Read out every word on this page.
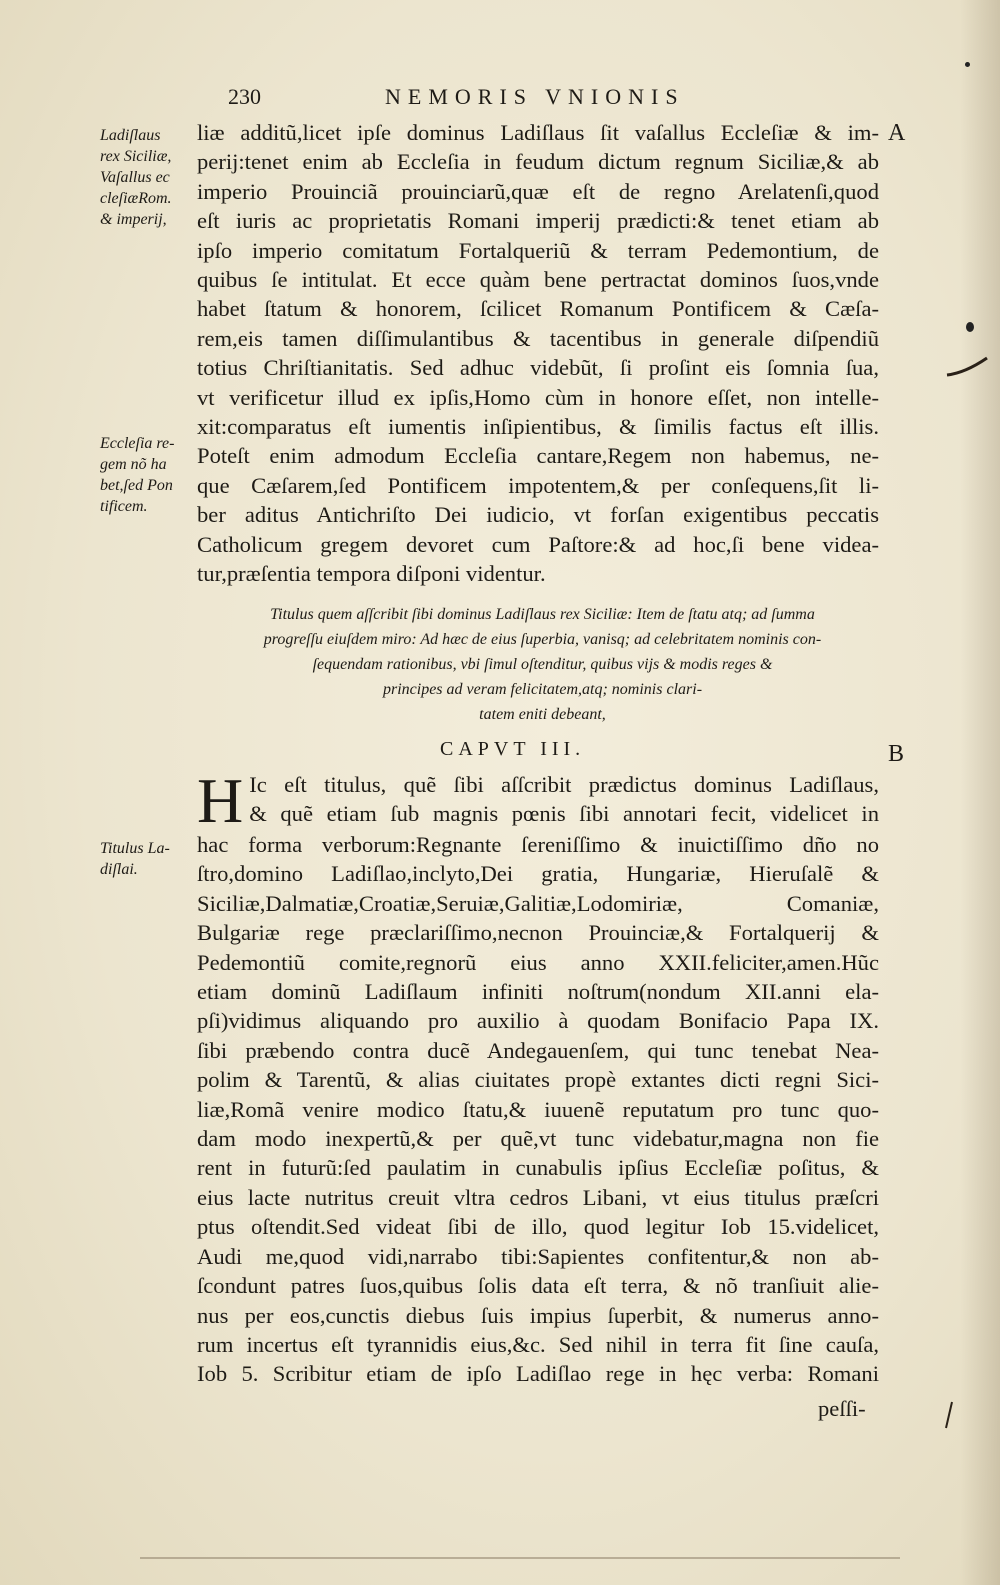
230	NEMORIS VNIONIS
Ladiſlaus
rex Siciliæ,
Vaſallus ec
cleſiæRom.
& imperij,
Eccleſia re-
gem nõ ha
bet,ſed Pon
tificem.
Titulus La-
diſlai.
A
B
liæ additũ,licet ipſe dominus Ladiſlaus ſit vaſallus Eccleſiæ & im-
perij:tenet enim ab Eccleſia in feudum dictum regnum Siciliæ,& ab
imperio Prouinciã prouinciarũ,quæ eſt de regno Arelatenſi,quod
eſt iuris ac proprietatis Romani imperij prædicti:& tenet etiam ab
ipſo imperio comitatum Fortalqueriũ & terram Pedemontium, de
quibus ſe intitulat. Et ecce quàm bene pertractat dominos ſuos,vnde
habet ſtatum & honorem, ſcilicet Romanum Pontificem & Cæſa-
rem,eis tamen diſſimulantibus & tacentibus in generale diſpendiũ
totius Chriſtianitatis. Sed adhuc videbũt, ſi proſint eis ſomnia ſua,
vt verificetur illud ex ipſis,Homo cùm in honore eſſet, non intelle-
xit:comparatus eſt iumentis inſipientibus, & ſimilis factus eſt illis.
Poteſt enim admodum Eccleſia cantare,Regem non habemus, ne-
que Cæſarem,ſed Pontificem impotentem,& per conſequens,ſit li-
ber aditus Antichriſto Dei iudicio, vt forſan exigentibus peccatis
Catholicum gregem devoret cum Paſtore:& ad hoc,ſi bene videa-
tur,præſentia tempora diſponi videntur.
Titulus quem aſſcribit ſibi dominus Ladiſlaus rex Siciliæ: Item de ſtatu atq; ad ſumma
progreſſu eiuſdem miro: Ad hæc de eius ſuperbia, vanisq; ad celebritatem nominis con-
ſequendam rationibus, vbi ſimul oſtenditur, quibus vijs & modis reges &
principes ad veram felicitatem,atq; nominis clari-
tatem eniti debeant,
CAPVT III.
H Ic eſt titulus, quẽ ſibi aſſcribit prædictus dominus Ladiſlaus,
& quẽ etiam ſub magnis pœnis ſibi annotari fecit, videlicet in
hac forma verborum:Regnante ſereniſſimo & inuictiſſimo dño no
ſtro,domino Ladiſlao,inclyto,Dei gratia, Hungariæ, Hieruſalẽ &
Siciliæ,Dalmatiæ,Croatiæ,Seruiæ,Galitiæ,Lodomiriæ, Comaniæ,
Bulgariæ rege præclariſſimo,necnon Prouinciæ,& Fortalquerij &
Pedemontiũ comite,regnorũ eius anno XXII.feliciter,amen.Hũc
etiam dominũ Ladiſlaum infiniti noſtrum(nondum XII.anni ela-
pſi)vidimus aliquando pro auxilio à quodam Bonifacio Papa IX.
ſibi præbendo contra ducẽ Andegauenſem, qui tunc tenebat Nea-
polim & Tarentũ, & alias ciuitates propè extantes dicti regni Sici-
liæ,Romã venire modico ſtatu,& iuuenẽ reputatum pro tunc quo-
dam modo inexpertũ,& per quẽ,vt tunc videbatur,magna non fie
rent in futurũ:ſed paulatim in cunabulis ipſius Eccleſiæ poſitus, &
eius lacte nutritus creuit vltra cedros Libani, vt eius titulus præſcri
ptus oſtendit.Sed videat ſibi de illo, quod legitur Iob 15.videlicet,
Audi me,quod vidi,narrabo tibi:Sapientes confitentur,& non ab-
ſcondunt patres ſuos,quibus ſolis data eſt terra, & nõ tranſiuit alie-
nus per eos,cunctis diebus ſuis impius ſuperbit, & numerus anno-
rum incertus eſt tyrannidis eius,&c. Sed nihil in terra fit ſine cauſa,
Iob 5. Scribitur etiam de ipſo Ladiſlao rege in hęc verba: Romani
peſſi-
